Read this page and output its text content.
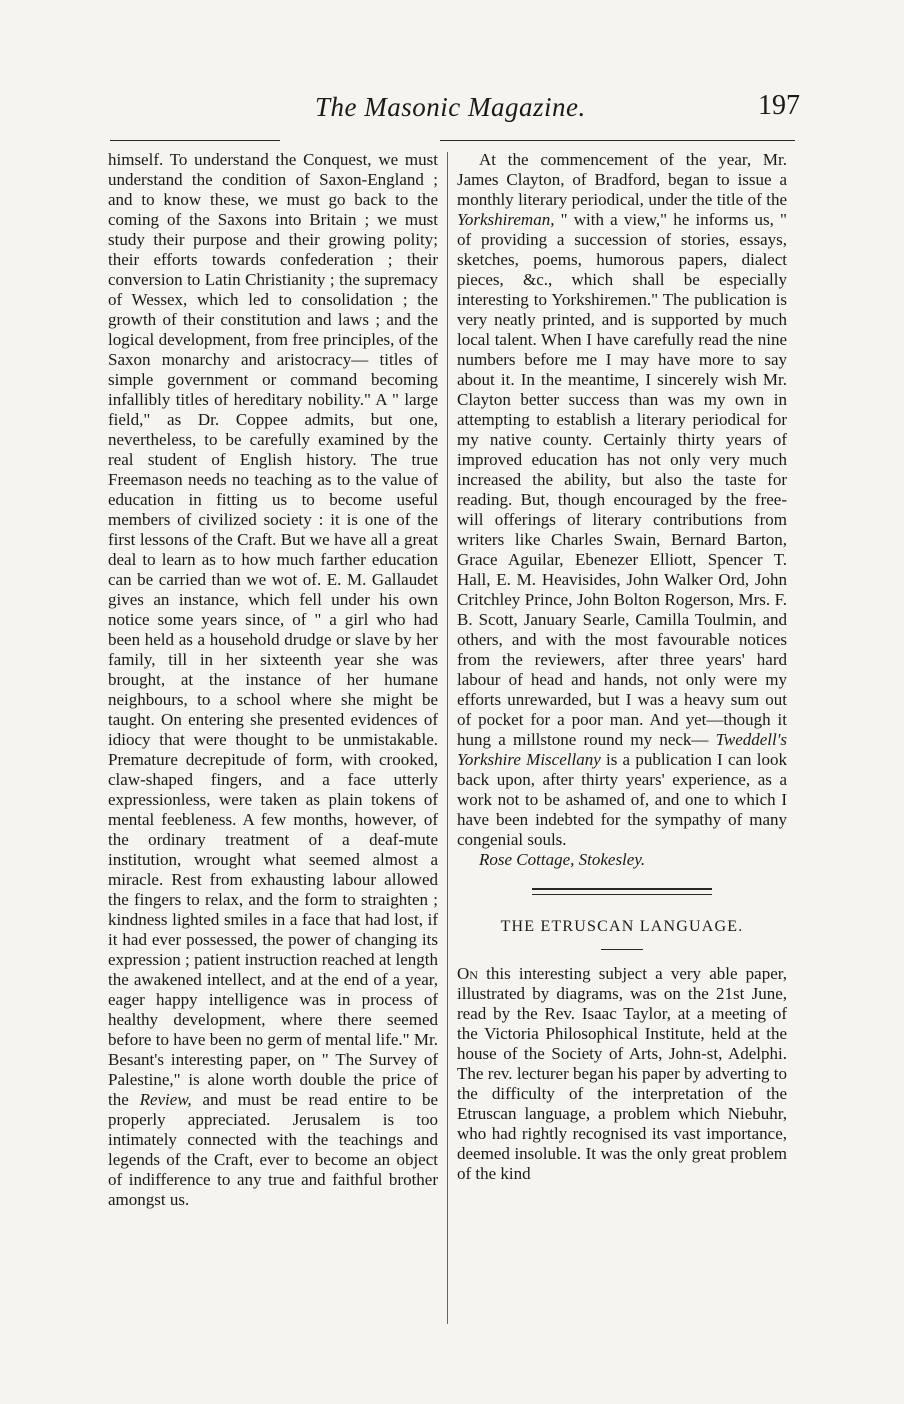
The Masonic Magazine.	197

himself. To understand the Conquest, we must understand the condition of Saxon-England ; and to know these, we must go back to the coming of the Saxons into Britain ; we must study their purpose and their growing polity; their efforts towards confederation ; their conversion to Latin Christianity ; the supremacy of Wessex, which led to consolidation ; the growth of their constitution and laws ; and the logical development, from free principles, of the Saxon monarchy and aristocracy— titles of simple government or command becoming infallibly titles of hereditary nobility." A " large field," as Dr. Coppee admits, but one, nevertheless, to be carefully examined by the real student of English history. The true Freemason needs no teaching as to the value of education in fitting us to become useful members of civilized society : it is one of the first lessons of the Craft. But we have all a great deal to learn as to how much farther education can be carried than we wot of. E. M. Gallaudet gives an instance, which fell under his own notice some years since, of " a girl who had been held as a household drudge or slave by her family, till in her sixteenth year she was brought, at the instance of her humane neighbours, to a school where she might be taught. On entering she presented evidences of idiocy that were thought to be unmistakable. Premature decrepitude of form, with crooked, claw-shaped fingers, and a face utterly expressionless, were taken as plain tokens of mental feebleness. A few months, however, of the ordinary treatment of a deaf-mute institution, wrought what seemed almost a miracle. Rest from exhausting labour allowed the fingers to relax, and the form to straighten ; kindness lighted smiles in a face that had lost, if it had ever possessed, the power of changing its expression ; patient instruction reached at length the awakened intellect, and at the end of a year, eager happy intelligence was in process of healthy development, where there seemed before to have been no germ of mental life." Mr. Besant's interesting paper, on " The Survey of Palestine," is alone worth double the price of the Review, and must be read entire to be properly appreciated. Jerusalem is too intimately connected with the teachings and legends of the Craft, ever to become an object of indifference to any true and faithful brother amongst us.

At the commencement of the year, Mr. James Clayton, of Bradford, began to issue a monthly literary periodical, under the title of the Yorkshireman, " with a view," he informs us, " of providing a succession of stories, essays, sketches, poems, humorous papers, dialect pieces, &c., which shall be especially interesting to Yorkshiremen." The publication is very neatly printed, and is supported by much local talent. When I have carefully read the nine numbers before me I may have more to say about it. In the meantime, I sincerely wish Mr. Clayton better success than was my own in attempting to establish a literary periodical for my native county. Certainly thirty years of improved education has not only very much increased the ability, but also the taste for reading. But, though encouraged by the free-will offerings of literary contributions from writers like Charles Swain, Bernard Barton, Grace Aguilar, Ebenezer Elliott, Spencer T. Hall, E. M. Heavisides, John Walker Ord, John Critchley Prince, John Bolton Rogerson, Mrs. F. B. Scott, January Searle, Camilla Toulmin, and others, and with the most favourable notices from the reviewers, after three years' hard labour of head and hands, not only were my efforts unrewarded, but I was a heavy sum out of pocket for a poor man. And yet—though it hung a millstone round my neck— Tweddell's Yorkshire Miscellany is a publication I can look back upon, after thirty years' experience, as a work not to be ashamed of, and one to which I have been indebted for the sympathy of many congenial souls.

Rose Cottage, Stokesley.

THE ETRUSCAN LANGUAGE.

On this interesting subject a very able paper, illustrated by diagrams, was on the 21st June, read by the Rev. Isaac Taylor, at a meeting of the Victoria Philosophical Institute, held at the house of the Society of Arts, John-st, Adelphi. The rev. lecturer began his paper by adverting to the difficulty of the interpretation of the Etruscan language, a problem which Niebuhr, who had rightly recognised its vast importance, deemed insoluble. It was the only great problem of the kind
